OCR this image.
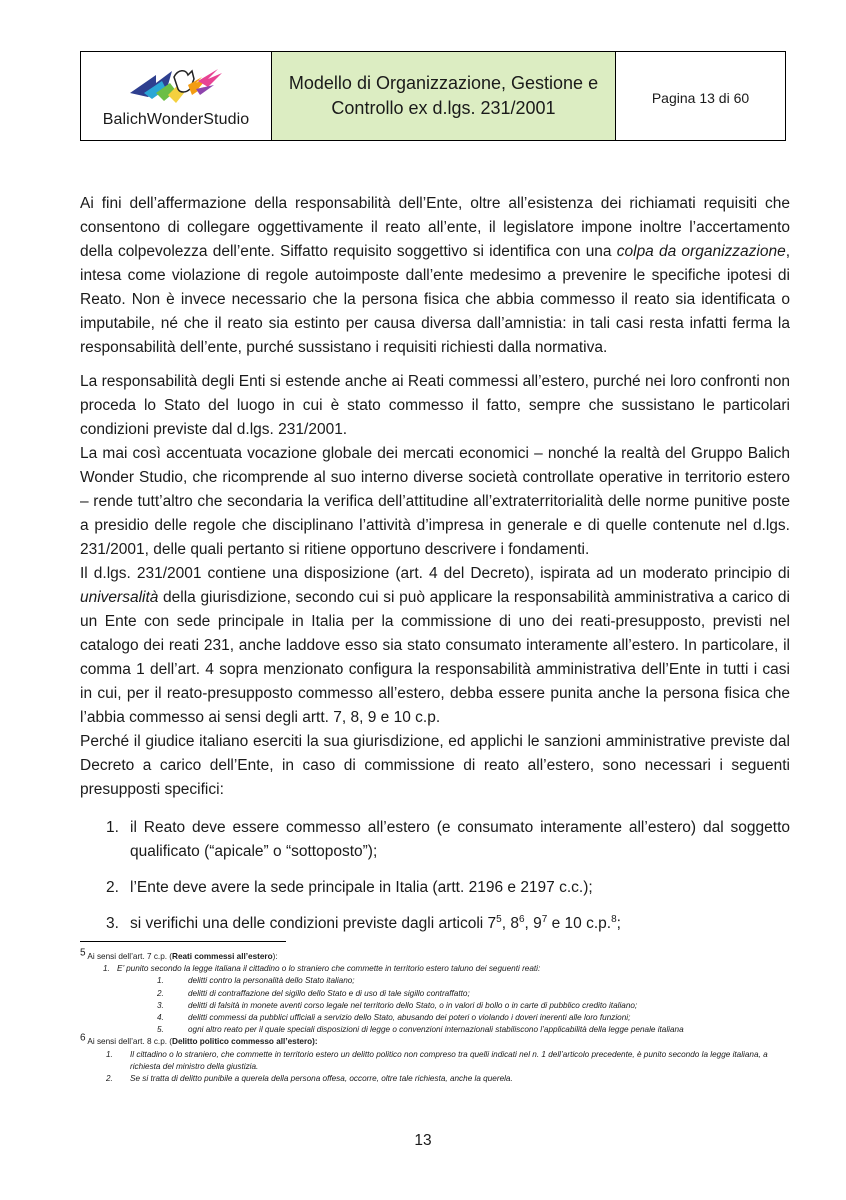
BalichWonderStudio
Modello di Organizzazione, Gestione e
Controllo ex d.lgs. 231/2001	Pagina 13 di 60

Ai fini dell’affermazione della responsabilità dell’Ente, oltre all’esistenza dei richiamati requisiti che consentono di collegare oggettivamente il reato all’ente, il legislatore impone inoltre l’accertamento della colpevolezza dell’ente. Siffatto requisito soggettivo si identifica con una colpa da organizzazione, intesa come violazione di regole autoimposte dall’ente medesimo a prevenire le specifiche ipotesi di Reato. Non è invece necessario che la persona fisica che abbia commesso il reato sia identificata o imputabile, né che il reato sia estinto per causa diversa dall’amnistia: in tali casi resta infatti ferma la responsabilità dell’ente, purché sussistano i requisiti richiesti dalla normativa.

La responsabilità degli Enti si estende anche ai Reati commessi all’estero, purché nei loro confronti non proceda lo Stato del luogo in cui è stato commesso il fatto, sempre che sussistano le particolari condizioni previste dal d.lgs. 231/2001.

La mai così accentuata vocazione globale dei mercati economici – nonché la realtà del Gruppo Balich Wonder Studio, che ricomprende al suo interno diverse società controllate operative in territorio estero – rende tutt’altro che secondaria la verifica dell’attitudine all’extraterritorialità delle norme punitive poste a presidio delle regole che disciplinano l’attività d’impresa in generale e di quelle contenute nel d.lgs. 231/2001, delle quali pertanto si ritiene opportuno descrivere i fondamenti.

Il d.lgs. 231/2001 contiene una disposizione (art. 4 del Decreto), ispirata ad un moderato principio di universalità della giurisdizione, secondo cui si può applicare la responsabilità amministrativa a carico di un Ente con sede principale in Italia per la commissione di uno dei reati-presupposto, previsti nel catalogo dei reati 231, anche laddove esso sia stato consumato interamente all’estero. In particolare, il comma 1 dell’art. 4 sopra menzionato configura la responsabilità amministrativa dell’Ente in tutti i casi in cui, per il reato-presupposto commesso all’estero, debba essere punita anche la persona fisica che l’abbia commesso ai sensi degli artt. 7, 8, 9 e 10 c.p.

Perché il giudice italiano eserciti la sua giurisdizione, ed applichi le sanzioni amministrative previste dal Decreto a carico dell’Ente, in caso di commissione di reato all’estero, sono necessari i seguenti presupposti specifici:

1. il Reato deve essere commesso all’estero (e consumato interamente all’estero) dal soggetto qualificato (“apicale” o “sottoposto”);
2. l’Ente deve avere la sede principale in Italia (artt. 2196 e 2197 c.c.);
3. si verifichi una delle condizioni previste dagli articoli $7^5$, $8^6$, $9^7$ e 10 c.p.$^8$;

$^5$ Ai sensi dell’art. 7 c.p. (Reati commessi all’estero):

1. E’ punito secondo la legge italiana il cittadino o lo straniero che commette in territorio estero taluno dei seguenti reati:

1.	delitti contro la personalità dello Stato italiano;

2.	delitti di contraffazione del sigillo dello Stato e di uso di tale sigillo contraffatto;

3.	delitti di falsità in monete aventi corso legale nel territorio dello Stato, o in valori di bollo o in carte di pubblico credito italiano;

4.	delitti commessi da pubblici ufficiali a servizio dello Stato, abusando dei poteri o violando i doveri inerenti alle loro funzioni;

5.	ogni altro reato per il quale speciali disposizioni di legge o convenzioni internazionali stabiliscono l’applicabilità della legge penale italiana

$^6$ Ai sensi dell’art. 8 c.p. (Delitto politico commesso all’estero):

1. Il cittadino o lo straniero, che commette in territorio estero un delitto politico non compreso tra quelli indicati nel n. 1 dell’articolo precedente, è punito secondo la legge italiana, a richiesta del ministro della giustizia.

2. Se si tratta di delitto punibile a querela della persona offesa, occorre, oltre tale richiesta, anche la querela.

13
